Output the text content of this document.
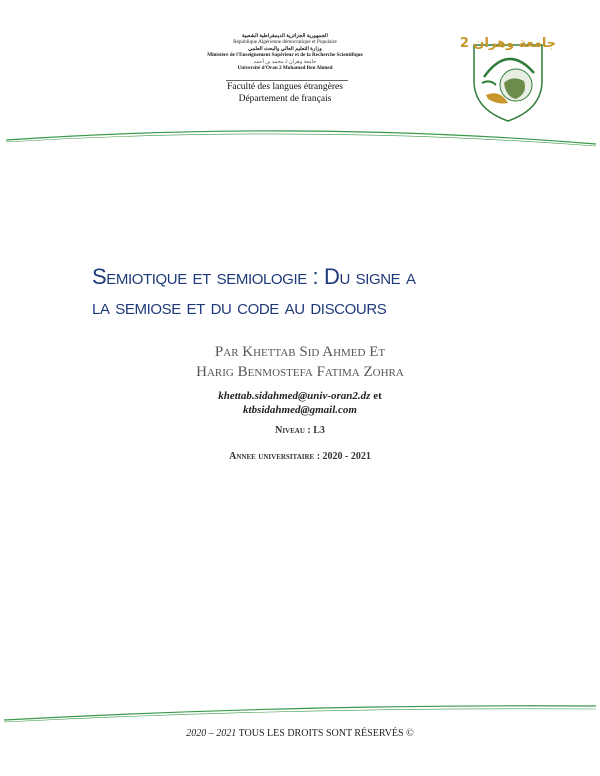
الجمهورية الجزائرية الديمقراطية الشعبية
République Algérienne démocratique et Populaire
وزارة التعليم العالي والبحث العلمي
Ministère de l'Enseignement Supérieur et de la Recherche Scientifique
جامعة وهران 2 محمد بن أحمد
Université d'Oran 2 Mohamed Ben Ahmed
Faculté des langues étrangères
Département de français
جامعة وهران 2
Semiotique et semiologie : Du signe a
la semiose et du code au discours
Par Khettab Sid Ahmed Et
Harig Benmostefa Fatima Zohra
khettab.sidahmed@univ-oran2.dz et
ktbsidahmed@gmail.com
Niveau : L3
Annee universitaire : 2020 - 2021
2020 – 2021 TOUS LES DROITS SONT RÉSERVÉS ©
